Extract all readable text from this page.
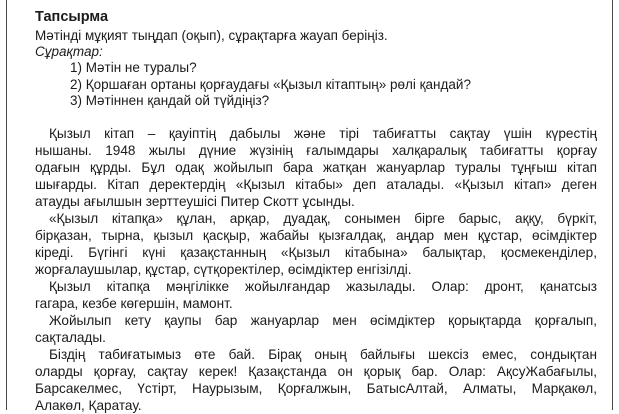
Тапсырма
Мәтінді мұқият тыңдап (оқып), сұрақтарға жауап беріңіз.
Сұрақтар:
1) Мәтін не туралы?
2) Қоршаған ортаны қорғаудағы «Қызыл кітаптың» рөлі қандай?
3) Мәтіннен қандай ой түйдіңіз?
Қызыл кітап – қауіптің дабылы және тірі табиғатты сақтау үшін күрестің
нышаны. 1948 жылы дүние жүзінің ғалымдары халқаралық табиғатты қорғау
одағын құрды. Бұл одақ жойылып бара жатқан жануарлар туралы тұңғыш кітап
шығарды. Кітап деректердің «Қызыл кітабы» деп аталады. «Қызыл кітап» деген
атауды ағылшын зерттеушісі Питер Скотт ұсынды.
«Қызыл кітапқа» құлан, арқар, дуадақ, сонымен бірге барыс, аққу, бүркіт,
бірқазан, тырна, қызыл қасқыр, жабайы қызғалдақ, аңдар мен құстар, өсімдіктер
кіреді. Бүгінгі күні қазақстанның «Қызыл кітабына» балықтар, қосмекенділер,
жорғалаушылар, құстар, сүтқоректілер, өсімдіктер енгізілді.
Қызыл кітапқа мәңгілікке жойылғандар жазылады. Олар: дронт, қанатсыз
гагара, кезбе көгершін, мамонт.
Жойылып кету қаупы бар жануарлар мен өсімдіктер қорықтарда қорғалып,
сақталады.
Біздің табиғатымыз өте бай. Бірақ оның байлығы шексіз емес, сондықтан
оларды қорғау, сақтау керек! Қазақстанда он қорық бар. Олар: АқсуЖабағылы,
Барсакелмес, Үстірт, Наурызым, Қорғалжын, БатысАлтай, Алматы, Марқакөл,
Алакөл, Қаратау.
